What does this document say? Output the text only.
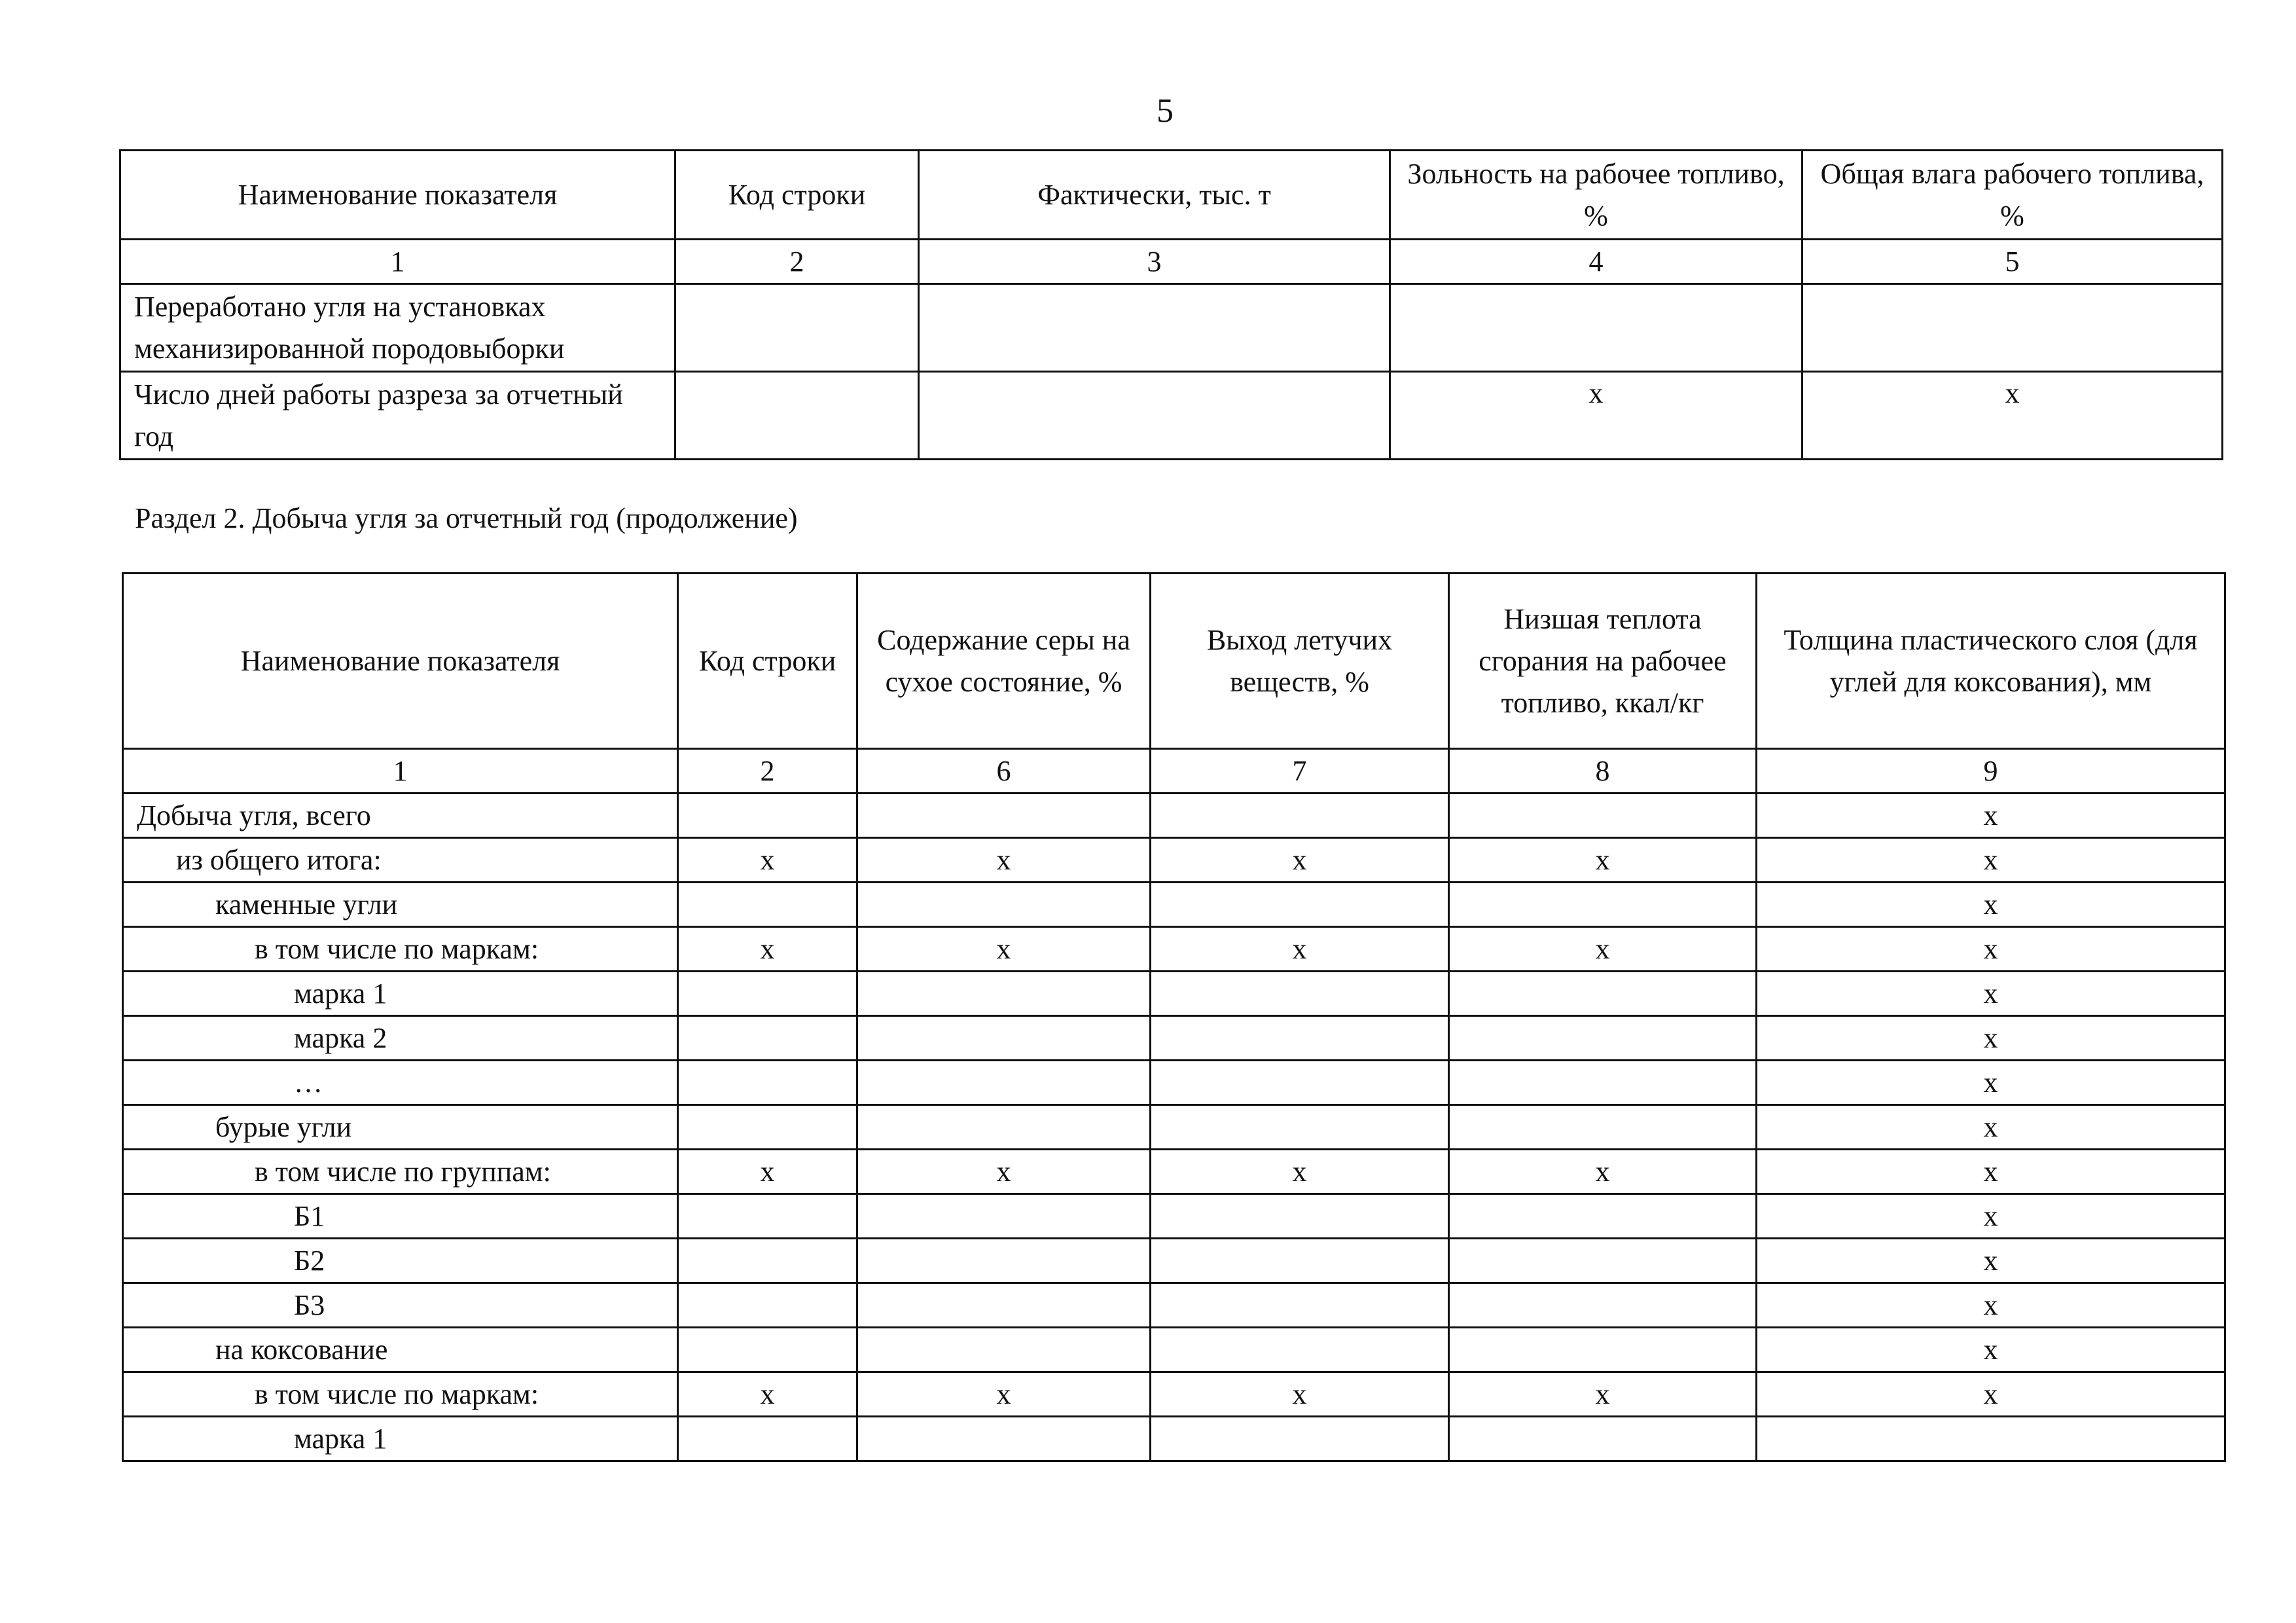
5
Наименование показателя	Код строки	Фактически, тыс. т	Зольность на рабочее топливо, %	Общая влага рабочего топлива, %
1	2	3	4	5
Переработано угля на установках механизированной породовыборки				
Число дней работы разреза за отчетный год			x	x
Раздел 2. Добыча угля за отчетный год (продолжение)
Наименование показателя	Код строки	Содержание серы на сухое состояние, %	Выход летучих веществ, %	Низшая теплота сгорания на рабочее топливо, ккал/кг	Толщина пластического слоя (для углей для коксования), мм
1	2	6	7	8	9
Добыча угля, всего					x
из общего итога:	x	x	x	x	x
каменные угли					x
в том числе по маркам:	x	x	x	x	x
марка 1					x
марка 2					x
…					x
бурые угли					x
в том числе по группам:	x	x	x	x	x
Б1					x
Б2					x
Б3					x
на коксование					x
в том числе по маркам:	x	x	x	x	x
марка 1					
